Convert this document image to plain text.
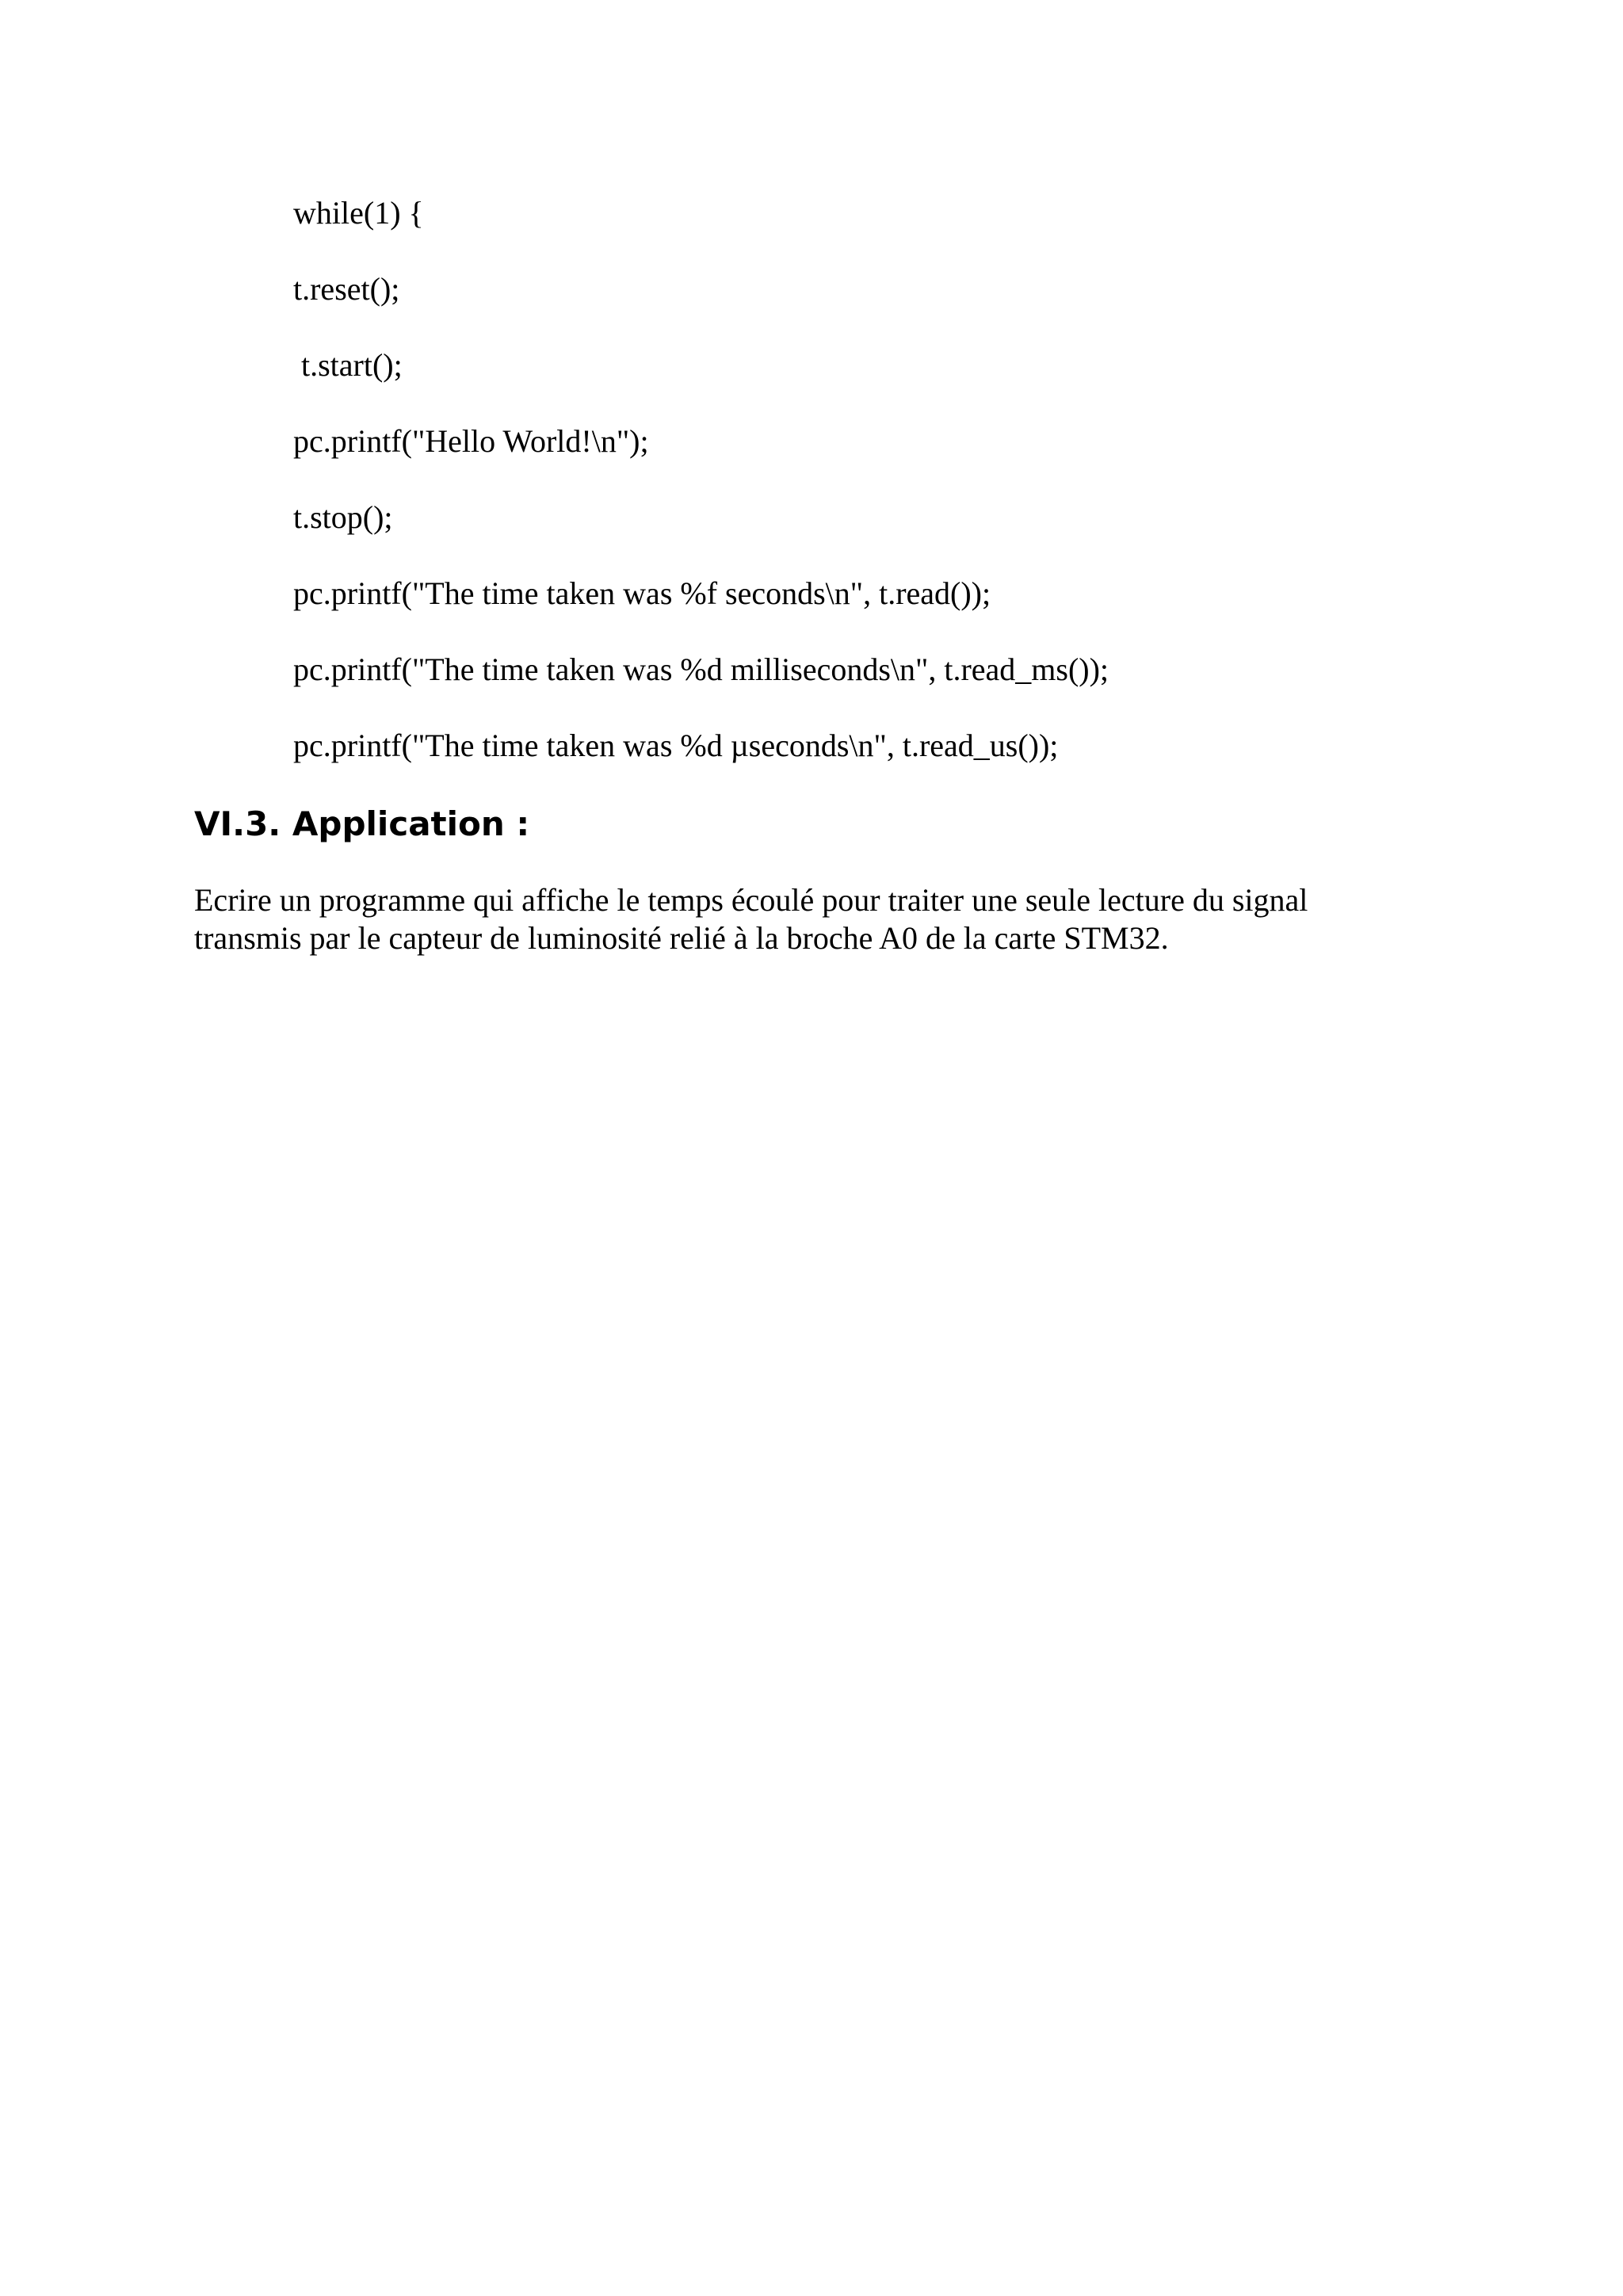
while(1) {

t.reset();

t.start();

pc.printf("Hello World!\n");

t.stop();

pc.printf("The time taken was %f seconds\n", t.read());

pc.printf("The time taken was %d milliseconds\n", t.read_ms());

pc.printf("The time taken was %d µseconds\n", t.read_us());

VI.3. Application :

Ecrire un programme qui affiche le temps écoulé pour traiter une seule lecture du signal
transmis par le capteur de luminosité relié à la broche A0 de la carte STM32.
